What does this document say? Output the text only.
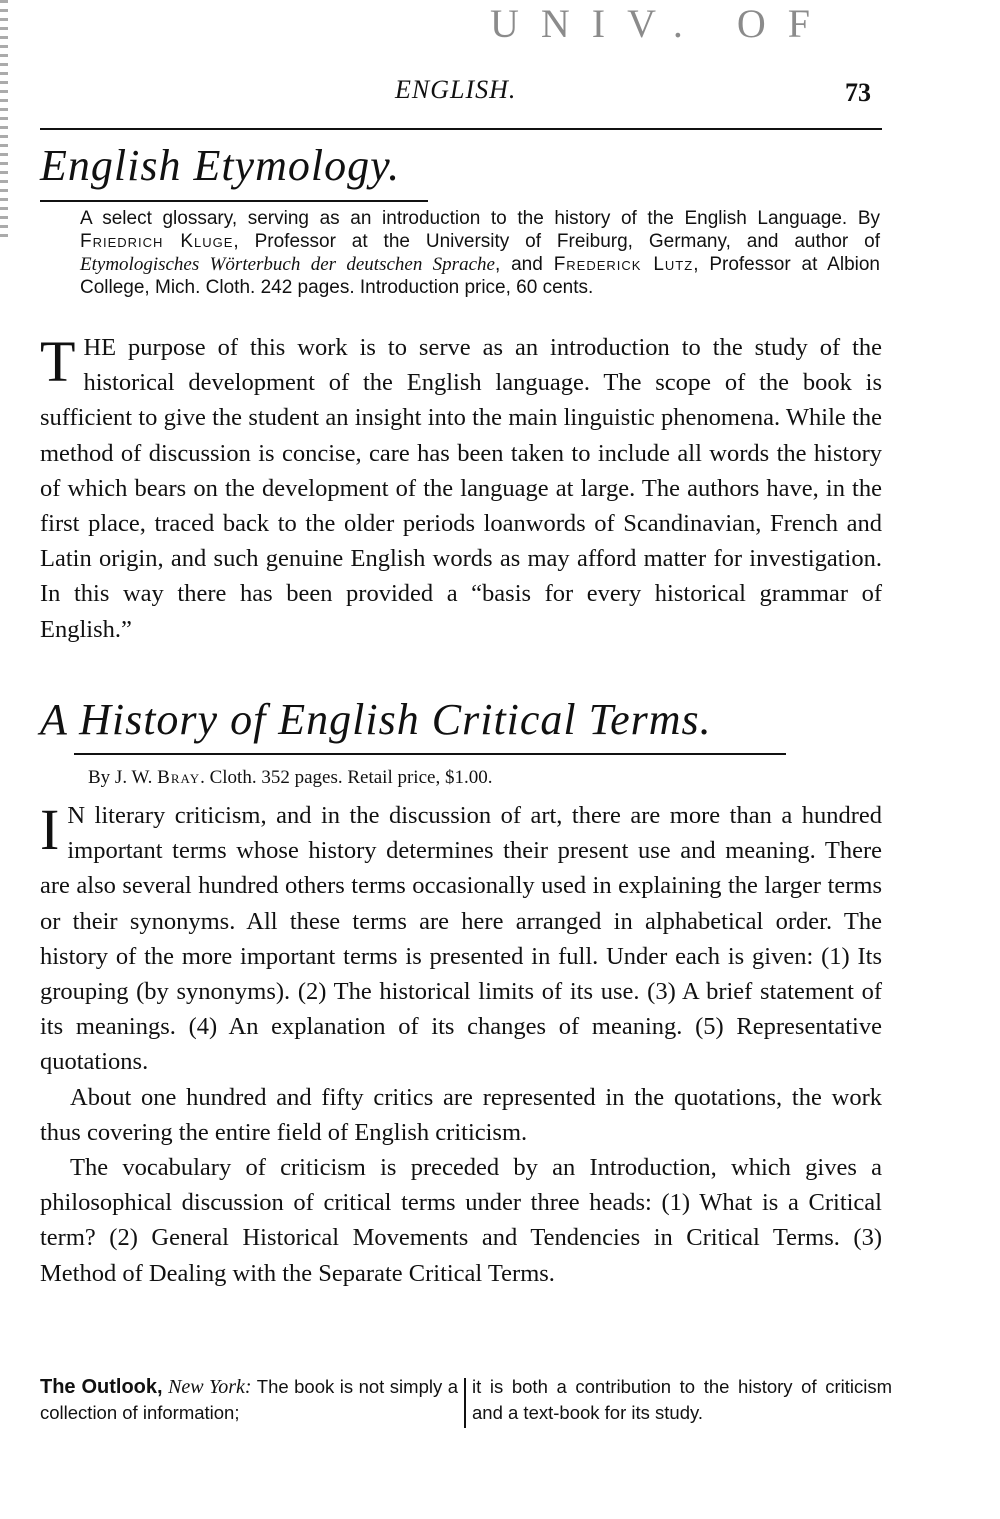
UNIV. OF
ENGLISH.	73
English Etymology.
A select glossary, serving as an introduction to the history of the English Language. By Friedrich Kluge, Professor at the University of Freiburg, Germany, and author of Etymologisches Wörterbuch der deutschen Sprache, and Frederick Lutz, Professor at Albion College, Mich. Cloth. 242 pages. Introduction price, 60 cents.

THE purpose of this work is to serve as an introduction to the study of the historical development of the English language. The scope of the book is sufficient to give the student an insight into the main linguistic phenomena. While the method of discussion is concise, care has been taken to include all words the history of which bears on the development of the language at large. The authors have, in the first place, traced back to the older periods loanwords of Scandinavian, French and Latin origin, and such genuine English words as may afford matter for investigation. In this way there has been provided a “basis for every historical grammar of English.”

A History of English Critical Terms.
By J. W. Bray. Cloth. 352 pages. Retail price, $1.00.

I N literary criticism, and in the discussion of art, there are more than a hundred important terms whose history determines their present use and meaning. There are also several hundred others terms occasionally used in explaining the larger terms or their synonyms. All these terms are here arranged in alphabetical order. The history of the more important terms is presented in full. Under each is given: (1) Its grouping (by synonyms). (2) The historical limits of its use. (3) A brief statement of its meanings. (4) An explanation of its changes of meaning. (5) Representative quotations.

About one hundred and fifty critics are represented in the quotations, the work thus covering the entire field of English criticism.

The vocabulary of criticism is preceded by an Introduction, which gives a philosophical discussion of critical terms under three heads: (1) What is a Critical term? (2) General Historical Movements and Tendencies in Critical Terms. (3) Method of Dealing with the Separate Critical Terms.

The Outlook, New York: The book is not simply a collection of information;
it is both a contribution to the history of criticism and a text-book for its study.
